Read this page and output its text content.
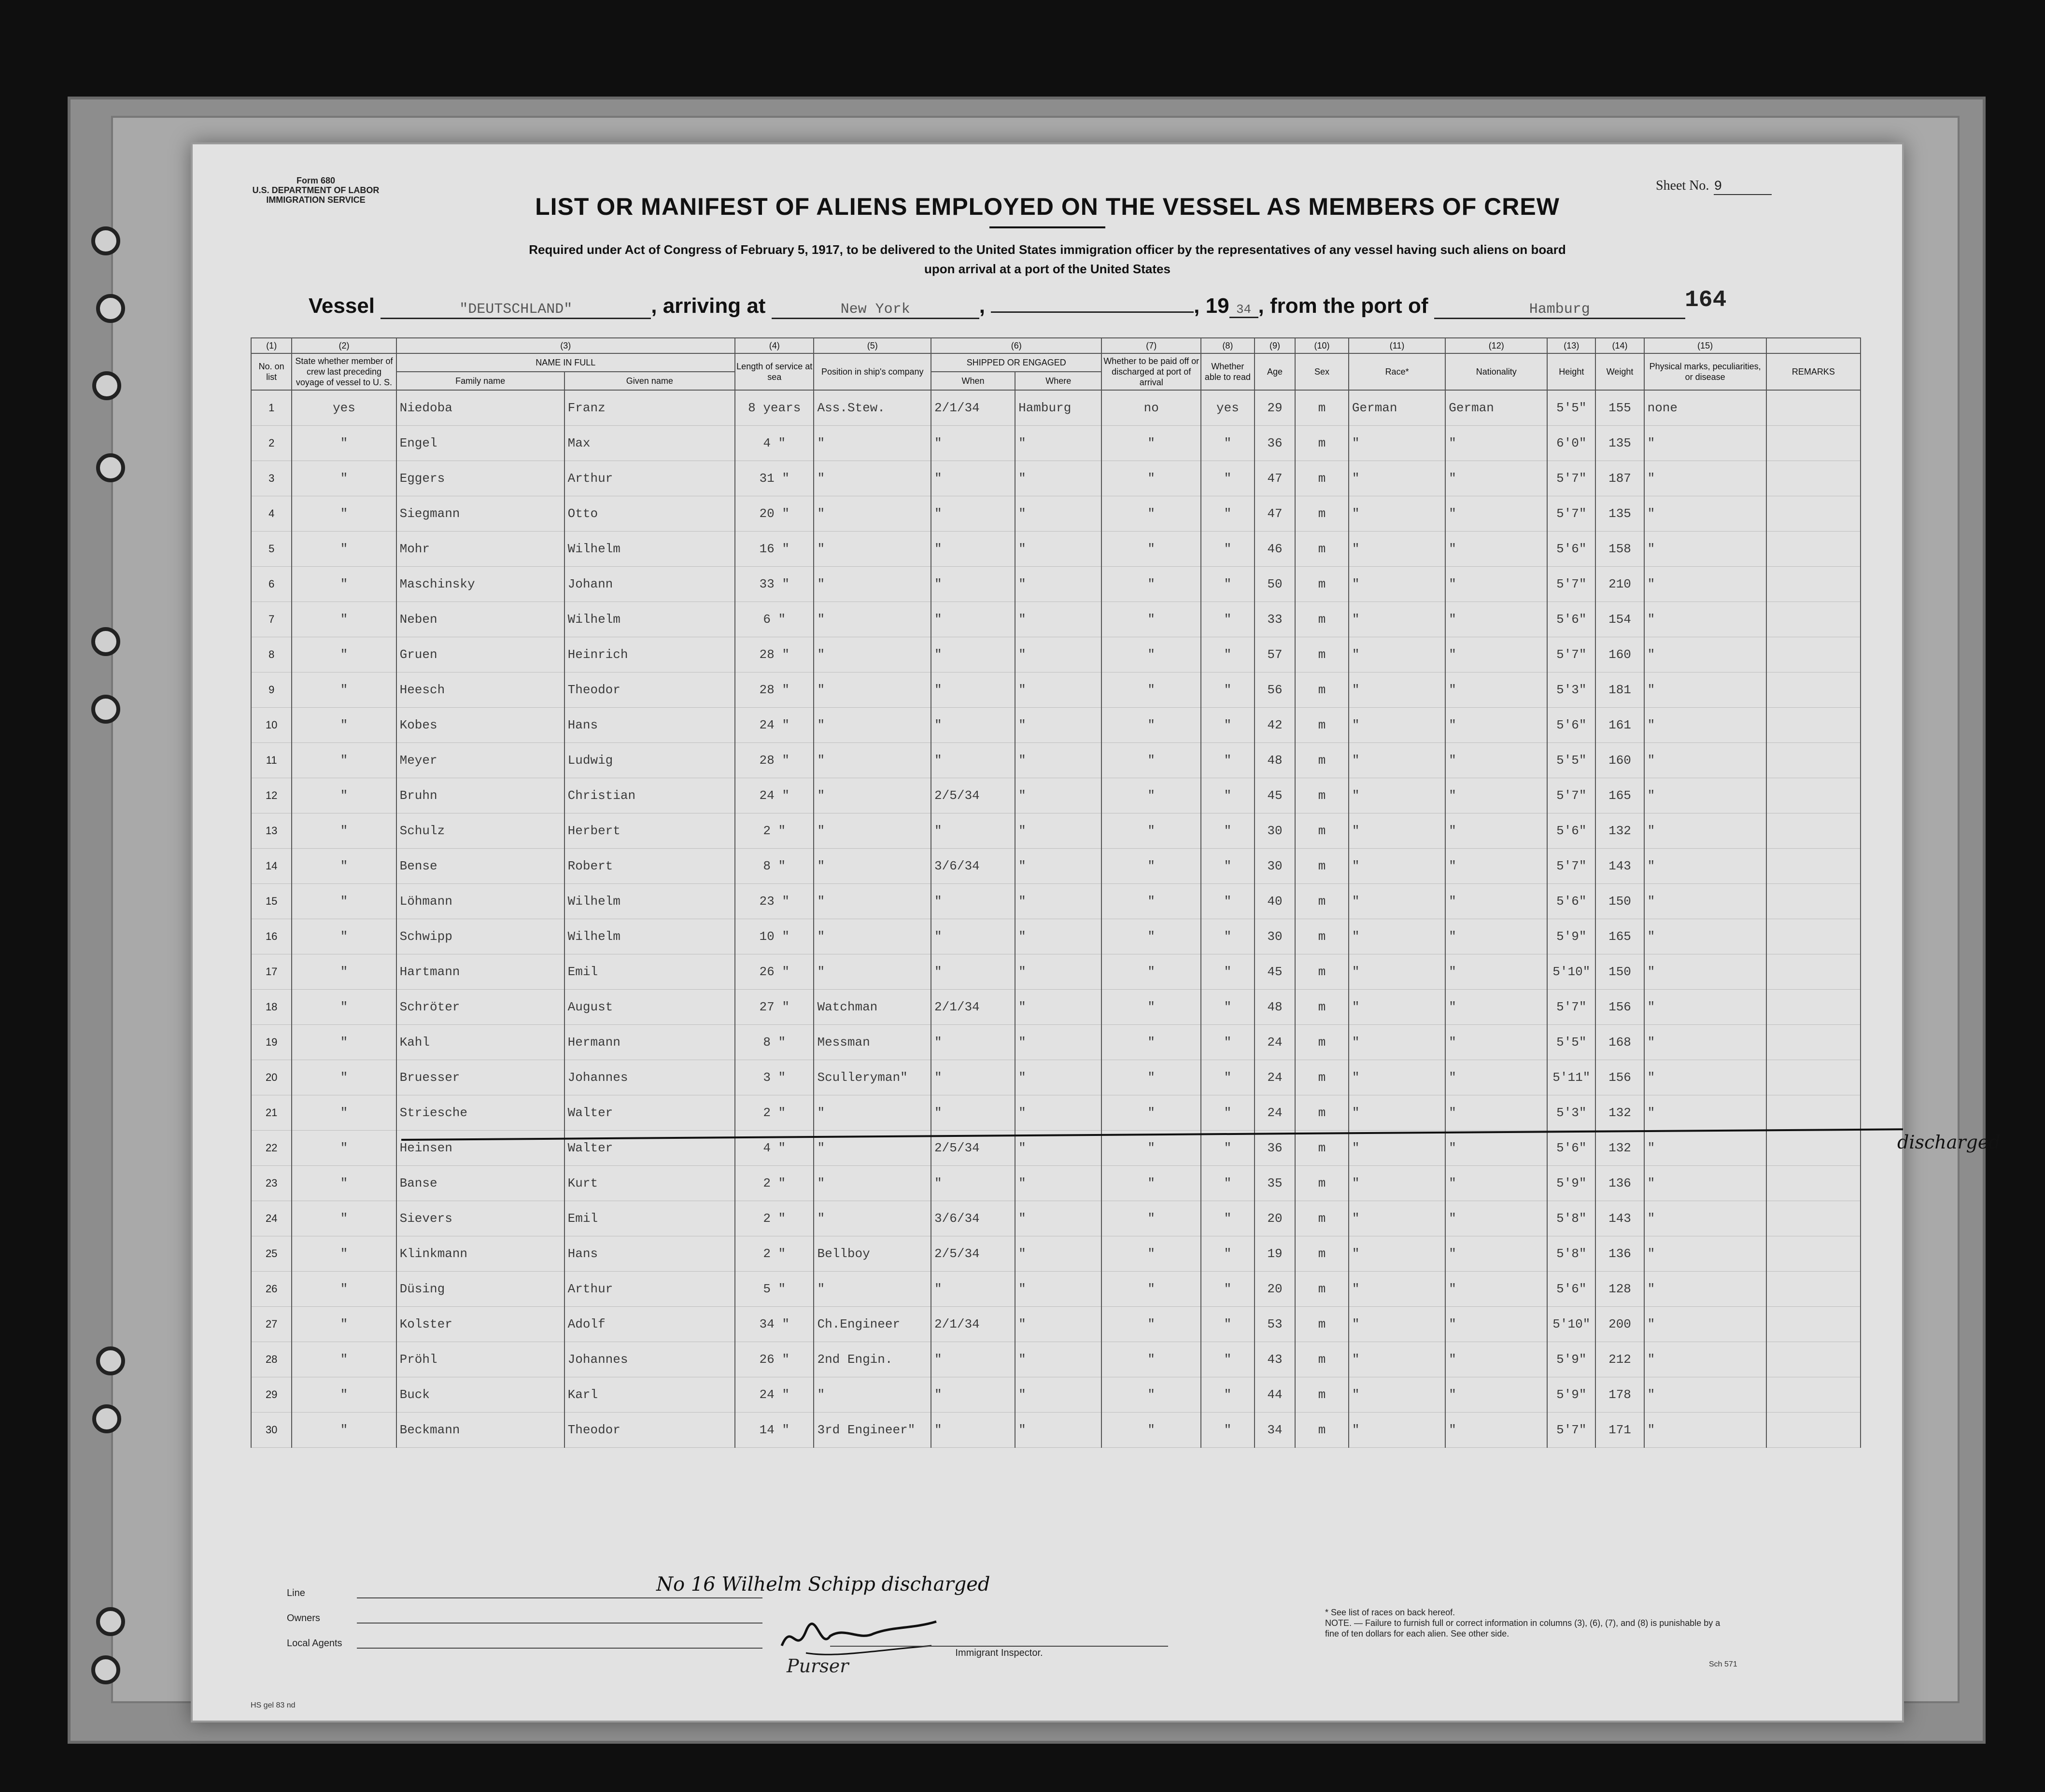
Form 680
U.S. DEPARTMENT OF LABOR
IMMIGRATION SERVICE
Sheet No. 9
LIST OR MANIFEST OF ALIENS EMPLOYED ON THE VESSEL AS MEMBERS OF CREW
Required under Act of Congress of February 5, 1917, to be delivered to the United States immigration officer by the representatives of any vessel having such aliens on board
upon arrival at a port of the United States
Vessel	"DEUTSCHLAND"	, arriving at	New York	,	, 19 34 , from the port of	Hamburg	164
(1)	(2)	(3)		(4)	(5)	(6)		(7)	(8)	(9)	(10)	(11)	(12)	(13)	(14)	(15)	
No. on list	State whether member of crew last preceding voyage of vessel to U. S.	NAME IN FULL		Length of service at sea	Position in ship's company	SHIPPED OR ENGAGED		Whether to be paid off or discharged at port of arrival	Whether able to read	Age	Sex	Race*	Nationality	Height	Weight	Physical marks, peculiarities, or disease	REMARKS
		Family name	Given name			When	Where										
1	yes	Niedoba	Franz	8 years	Ass.Stew.	2/1/34	Hamburg	no	yes	29	m	German	German	5'5"	155	none	
2	"	Engel	Max	4 "	"	"	"	"	"	36	m	"	"	6'0"	135	"	
3	"	Eggers	Arthur	31 "	"	"	"	"	"	47	m	"	"	5'7"	187	"	
4	"	Siegmann	Otto	20 "	"	"	"	"	"	47	m	"	"	5'7"	135	"	
5	"	Mohr	Wilhelm	16 "	"	"	"	"	"	46	m	"	"	5'6"	158	"	
6	"	Maschinsky	Johann	33 "	"	"	"	"	"	50	m	"	"	5'7"	210	"	
7	"	Neben	Wilhelm	6 "	"	"	"	"	"	33	m	"	"	5'6"	154	"	
8	"	Gruen	Heinrich	28 "	"	"	"	"	"	57	m	"	"	5'7"	160	"	
9	"	Heesch	Theodor	28 "	"	"	"	"	"	56	m	"	"	5'3"	181	"	
10	"	Kobes	Hans	24 "	"	"	"	"	"	42	m	"	"	5'6"	161	"	
11	"	Meyer	Ludwig	28 "	"	"	"	"	"	48	m	"	"	5'5"	160	"	
12	"	Bruhn	Christian	24 "	"	2/5/34	"	"	"	45	m	"	"	5'7"	165	"	
13	"	Schulz	Herbert	2 "	"	"	"	"	"	30	m	"	"	5'6"	132	"	
14	"	Bense	Robert	8 "	"	3/6/34	"	"	"	30	m	"	"	5'7"	143	"	
15	"	Löhmann	Wilhelm	23 "	"	"	"	"	"	40	m	"	"	5'6"	150	"	
16	"	Schwipp	Wilhelm	10 "	"	"	"	"	"	30	m	"	"	5'9"	165	"	
17	"	Hartmann	Emil	26 "	"	"	"	"	"	45	m	"	"	5'10"	150	"	
18	"	Schröter	August	27 "	Watchman	2/1/34	"	"	"	48	m	"	"	5'7"	156	"	
19	"	Kahl	Hermann	8 "	Messman	"	"	"	"	24	m	"	"	5'5"	168	"	
20	"	Bruesser	Johannes	3 "	Sculleryman"	"	"	"	"	24	m	"	"	5'11"	156	"	
21	"	Striesche	Walter	2 "	"	"	"	"	"	24	m	"	"	5'3"	132	"	
22	"	Heinsen	Walter	4 "	"	2/5/34	"	"	"	36	m	"	"	5'6"	132	"	
23	"	Banse	Kurt	2 "	"	"	"	"	"	35	m	"	"	5'9"	136	"	
24	"	Sievers	Emil	2 "	"	3/6/34	"	"	"	20	m	"	"	5'8"	143	"	
25	"	Klinkmann	Hans	2 "	Bellboy	2/5/34	"	"	"	19	m	"	"	5'8"	136	"	
26	"	Düsing	Arthur	5 "	"	"	"	"	"	20	m	"	"	5'6"	128	"	
27	"	Kolster	Adolf	34 "	Ch.Engineer	2/1/34	"	"	"	53	m	"	"	5'10"	200	"	
28	"	Pröhl	Johannes	26 "	2nd Engin.	"	"	"	"	43	m	"	"	5'9"	212	"	
29	"	Buck	Karl	24 "	"	"	"	"	"	44	m	"	"	5'9"	178	"	
30	"	Beckmann	Theodor	14 "	3rd Engineer"	"	"	"	"	34	m	"	"	5'7"	171	"	
discharged
Line
Owners
Local Agents
No 16 Wilhelm Schipp discharged
Purser
Immigrant Inspector.
* See list of races on back hereof.
NOTE. — Failure to furnish full or correct information in columns (3), (6), (7), and (8) is punishable by a fine of ten dollars for each alien. See other side.
HS gel 83 nd
Sch 571
